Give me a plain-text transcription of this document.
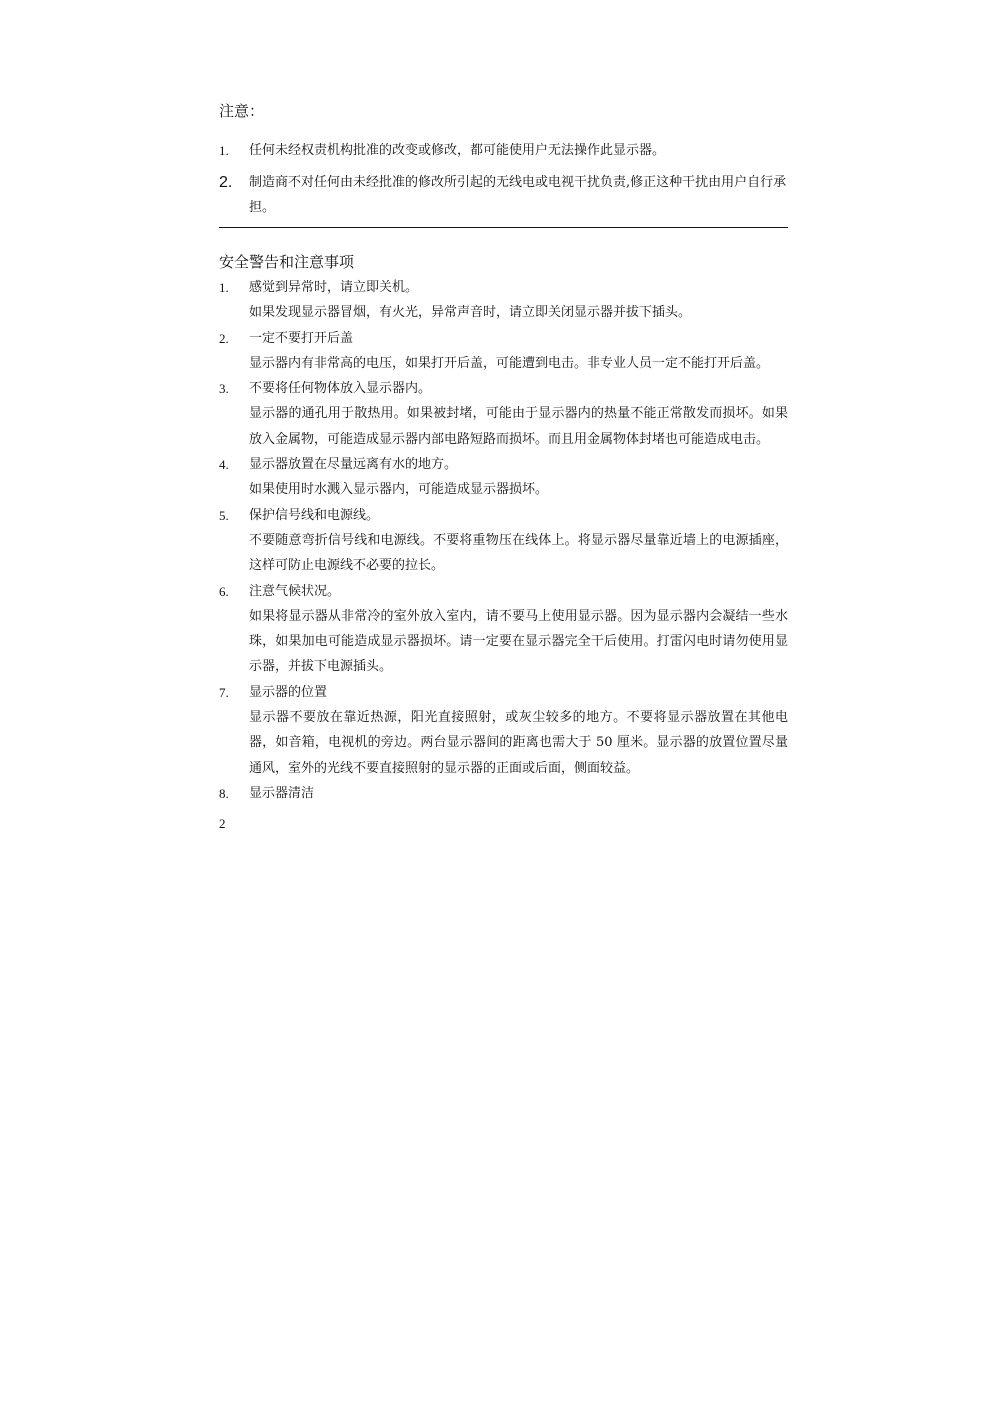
注意：
1. 任何未经权责机构批准的改变或修改，都可能使用户无法操作此显示器。
2. 制造商不对任何由未经批准的修改所引起的无线电或电视干扰负责,修正这种干扰由用户自行承担。
安全警告和注意事项
1. 感觉到异常时，请立即关机。
如果发现显示器冒烟，有火光，异常声音时，请立即关闭显示器并拔下插头。
2. 一定不要打开后盖
显示器内有非常高的电压，如果打开后盖，可能遭到电击。非专业人员一定不能打开后盖。
3. 不要将任何物体放入显示器内。
显示器的通孔用于散热用。如果被封堵，可能由于显示器内的热量不能正常散发而损坏。如果放入金属物，可能造成显示器内部电路短路而损坏。而且用金属物体封堵也可能造成电击。
4. 显示器放置在尽量远离有水的地方。
如果使用时水溅入显示器内，可能造成显示器损坏。
5. 保护信号线和电源线。
不要随意弯折信号线和电源线。不要将重物压在线体上。将显示器尽量靠近墙上的电源插座，这样可防止电源线不必要的拉长。
6. 注意气候状况。
如果将显示器从非常冷的室外放入室内，请不要马上使用显示器。因为显示器内会凝结一些水珠，如果加电可能造成显示器损坏。请一定要在显示器完全干后使用。打雷闪电时请勿使用显示器，并拔下电源插头。
7. 显示器的位置
显示器不要放在靠近热源，阳光直接照射，或灰尘较多的地方。不要将显示器放置在其他电器，如音箱，电视机的旁边。两台显示器间的距离也需大于 50 厘米。显示器的放置位置尽量通风，室外的光线不要直接照射的显示器的正面或后面，侧面较益。
8. 显示器清洁
2
